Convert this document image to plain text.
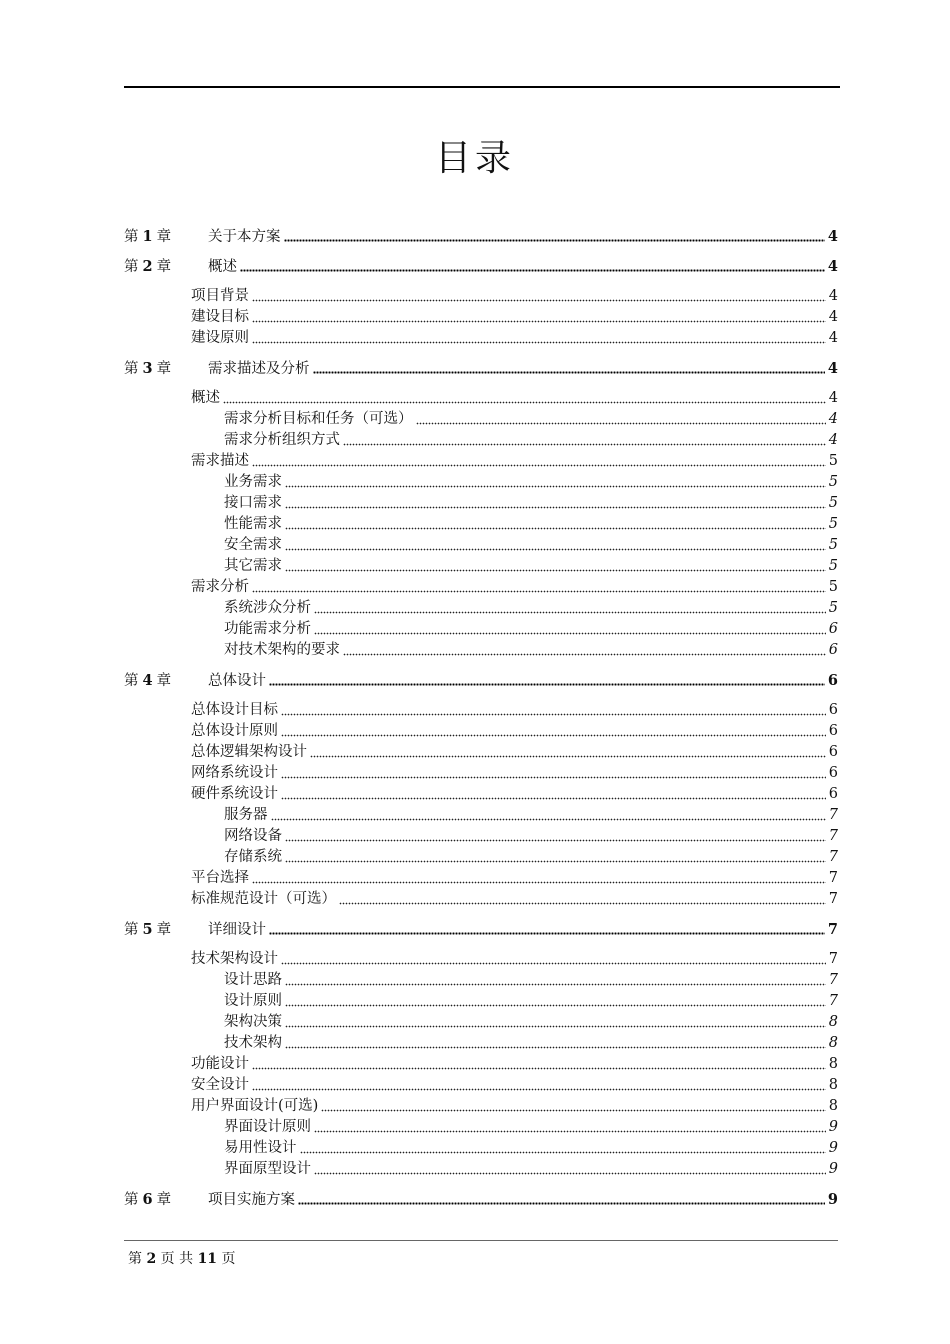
目录
第 1 章	关于本方案	4
第 2 章	概述	4
项目背景	4
建设目标	4
建设原则	4
第 3 章	需求描述及分析	4
概述	4
需求分析目标和任务（可选）	4
需求分析组织方式	4
需求描述	5
业务需求	5
接口需求	5
性能需求	5
安全需求	5
其它需求	5
需求分析	5
系统涉众分析	5
功能需求分析	6
对技术架构的要求	6
第 4 章	总体设计	6
总体设计目标	6
总体设计原则	6
总体逻辑架构设计	6
网络系统设计	6
硬件系统设计	6
服务器	7
网络设备	7
存储系统	7
平台选择	7
标准规范设计（可选）	7
第 5 章	详细设计	7
技术架构设计	7
设计思路	7
设计原则	7
架构决策	8
技术架构	8
功能设计	8
安全设计	8
用户界面设计(可选)	8
界面设计原则	9
易用性设计	9
界面原型设计	9
第 6 章	项目实施方案	9
第 2 页 共 11 页
